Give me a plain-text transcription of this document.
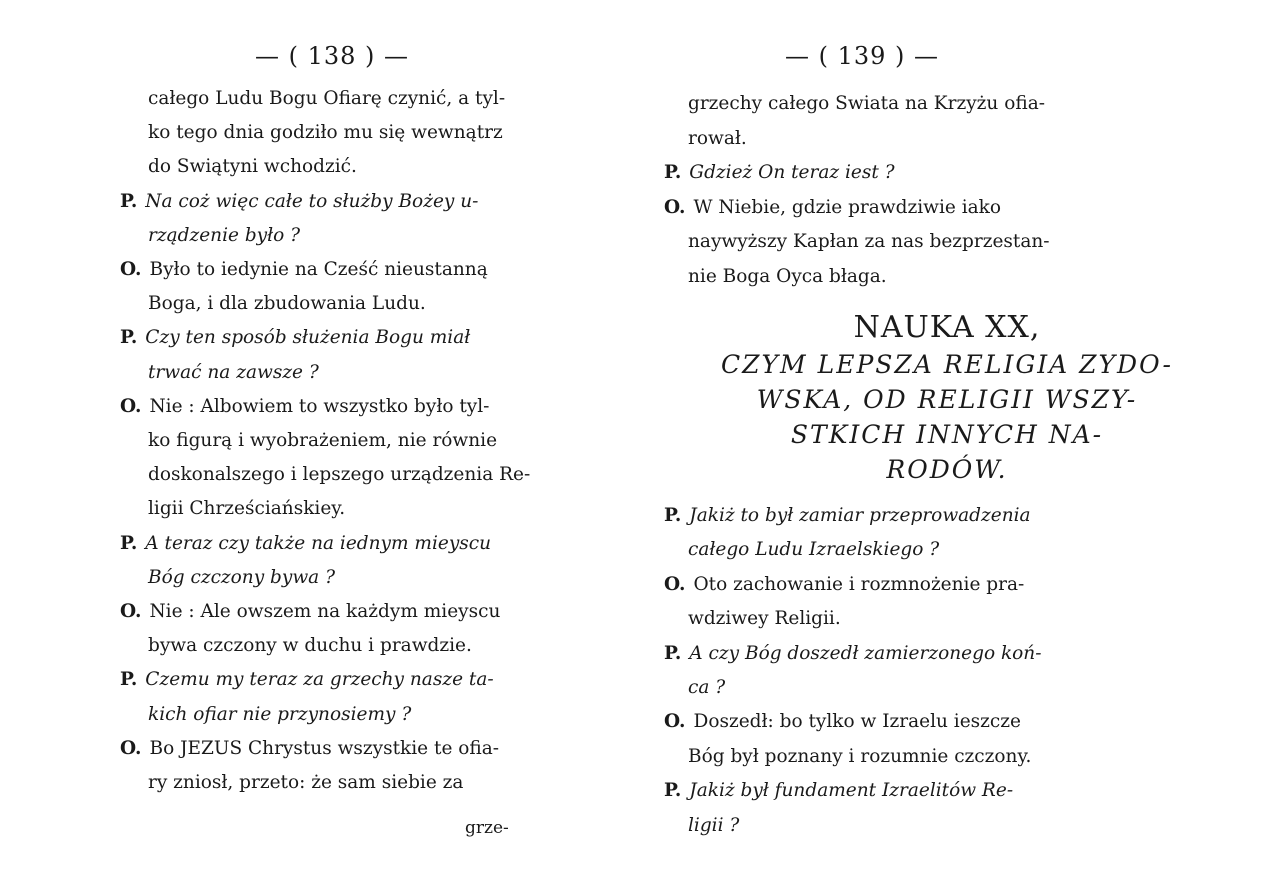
— ( 138 ) —
całego Ludu Bogu Ofiarę czynić, a tyl-
ko tego dnia godziło mu się wewnątrz
do Swiątyni wchodzić.
P. Na coż więc całe to służby Bożey u-
rządzenie było ?
O. Było to iedynie na Cześć nieustanną
Boga, i dla zbudowania Ludu.
P. Czy ten sposób służenia Bogu miał
trwać na zawsze ?
O. Nie : Albowiem to wszystko było tyl-
ko figurą i wyobrażeniem, nie równie
doskonalszego i lepszego urządzenia Re-
ligii Chrześciańskiey.
P. A teraz czy także na iednym mieyscu
Bóg czczony bywa ?
O. Nie : Ale owszem na każdym mieyscu
bywa czczony w duchu i prawdzie.
P. Czemu my teraz za grzechy nasze ta-
kich ofiar nie przynosiemy ?
O. Bo JEZUS Chrystus wszystkie te ofia-
ry zniosł, przeto: że sam siebie za
grze-
— ( 139 ) —
grzechy całego Swiata na Krzyżu ofia-
rował.
P. Gdzież On teraz iest ?
O. W Niebie, gdzie prawdziwie iako
naywyższy Kapłan za nas bezprzestan-
nie Boga Oyca błaga.
NAUKA XX,
CZYM LEPSZA RELIGIA ZYDO-
WSKA, OD RELIGII WSZY-
STKICH INNYCH NA-
RODÓW.
P. Jakiż to był zamiar przeprowadzenia
całego Ludu Izraelskiego ?
O. Oto zachowanie i rozmnożenie pra-
wdziwey Religii.
P. A czy Bóg doszedł zamierzonego koń-
ca ?
O. Doszedł: bo tylko w Izraelu ieszcze
Bóg był poznany i rozumnie czczony.
P. Jakiż był fundament Izraelitów Re-
ligii ?
